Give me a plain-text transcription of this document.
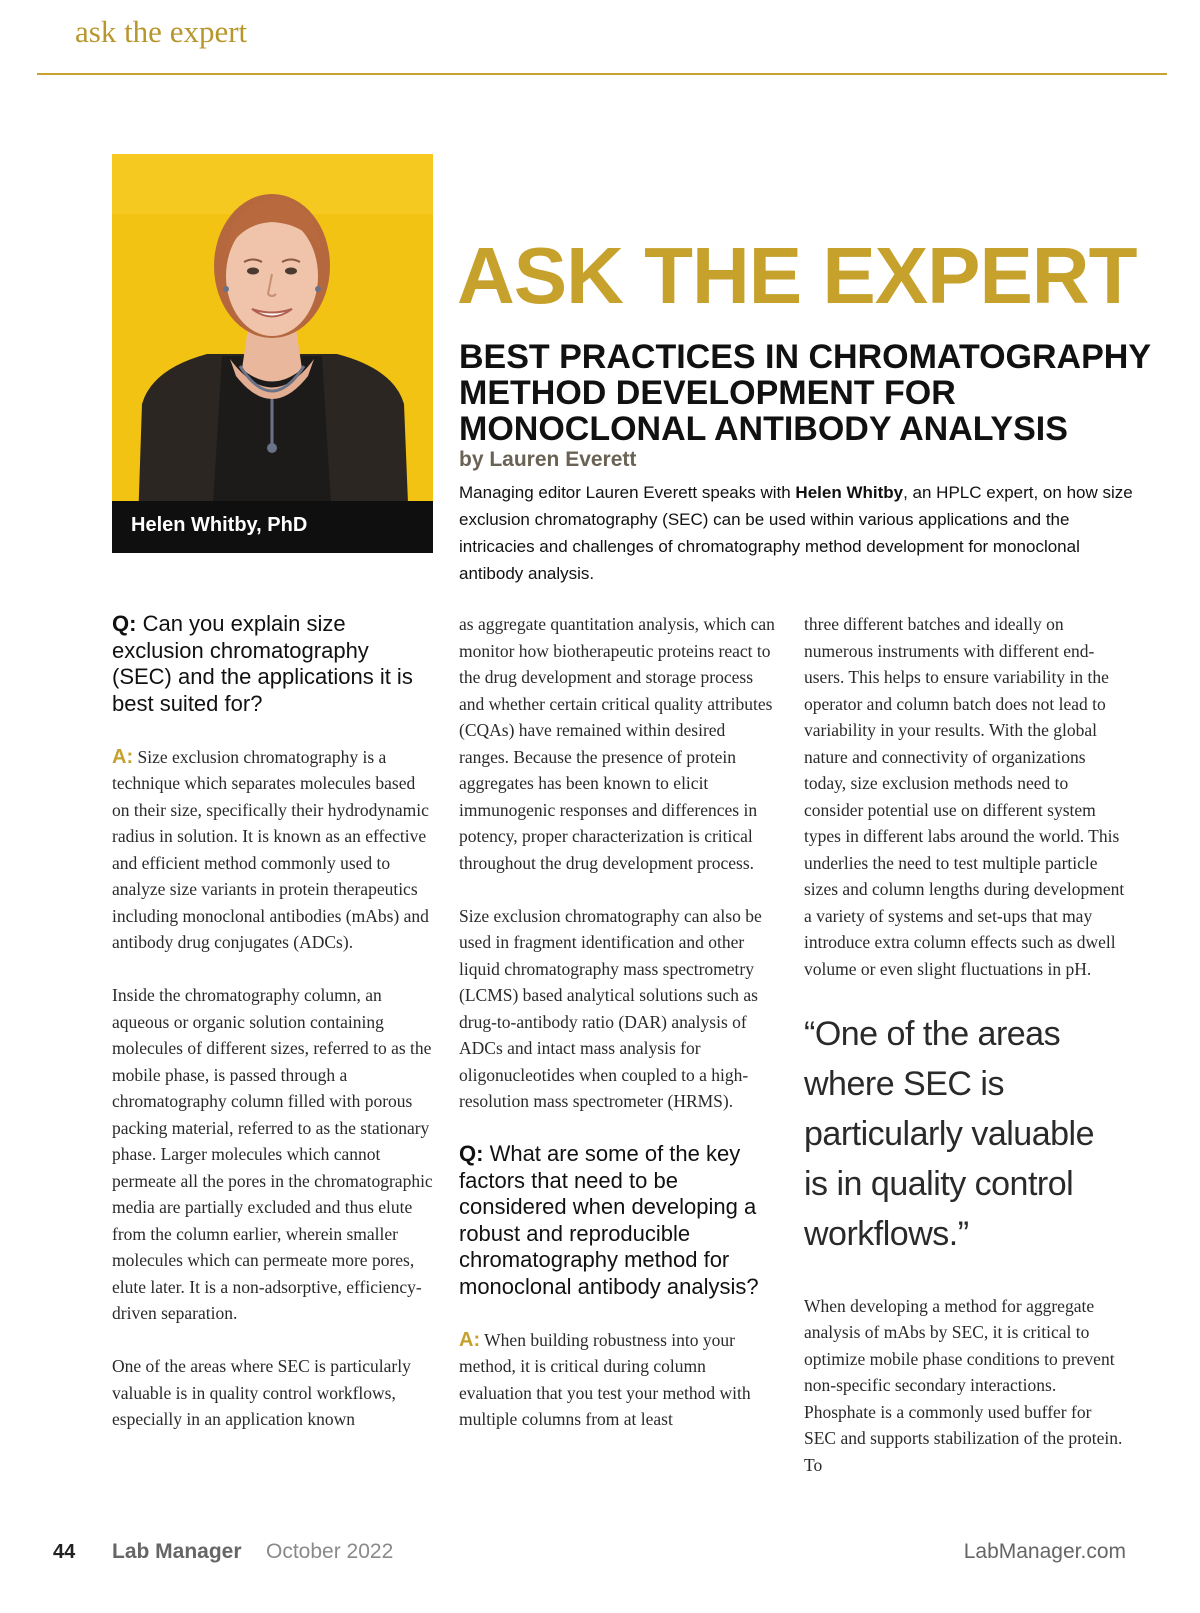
ask the expert
Helen Whitby, PhD
ASK THE EXPERT
BEST PRACTICES IN CHROMATOGRAPHY METHOD DEVELOPMENT FOR MONOCLONAL ANTIBODY ANALYSIS

by Lauren Everett

Managing editor Lauren Everett speaks with Helen Whitby, an HPLC expert, on how size exclusion chromatography (SEC) can be used within various applications and the intricacies and challenges of chromatography method development for monoclonal antibody analysis.

Q: Can you explain size exclusion chromatography (SEC) and the applications it is best suited for?

A: Size exclusion chromatography is a technique which separates molecules based on their size, specifically their hydrodynamic radius in solution. It is known as an effective and efficient method commonly used to analyze size variants in protein therapeutics including monoclonal antibodies (mAbs) and antibody drug conjugates (ADCs).

Inside the chromatography column, an aqueous or organic solution containing molecules of different sizes, referred to as the mobile phase, is passed through a chromatography column filled with porous packing material, referred to as the stationary phase. Larger molecules which cannot permeate all the pores in the chromatographic media are partially excluded and thus elute from the column earlier, wherein smaller molecules which can permeate more pores, elute later. It is a non-adsorptive, efficiency-driven separation.

One of the areas where SEC is particularly valuable is in quality control workflows, especially in an application known

as aggregate quantitation analysis, which can monitor how biotherapeutic proteins react to the drug development and storage process and whether certain critical quality attributes (CQAs) have remained within desired ranges. Because the presence of protein aggregates has been known to elicit immunogenic responses and differences in potency, proper characterization is critical throughout the drug development process.

Size exclusion chromatography can also be used in fragment identification and other liquid chromatography mass spectrometry (LCMS) based analytical solutions such as drug-to-antibody ratio (DAR) analysis of ADCs and intact mass analysis for oligonucleotides when coupled to a high-resolution mass spectrometer (HRMS).

Q: What are some of the key factors that need to be considered when developing a robust and reproducible chromatography method for monoclonal antibody analysis?

A: When building robustness into your method, it is critical during column evaluation that you test your method with multiple columns from at least

three different batches and ideally on numerous instruments with different end-users. This helps to ensure variability in the operator and column batch does not lead to variability in your results. With the global nature and connectivity of organizations today, size exclusion methods need to consider potential use on different system types in different labs around the world. This underlies the need to test multiple particle sizes and column lengths during development a variety of systems and set-ups that may introduce extra column effects such as dwell volume or even slight fluctuations in pH.

“One of the areas where SEC is particularly valuable is in quality control workflows.”

When developing a method for aggregate analysis of mAbs by SEC, it is critical to optimize mobile phase conditions to prevent non-specific secondary interactions. Phosphate is a commonly used buffer for SEC and supports stabilization of the protein. To

44 Lab Manager October 2022	LabManager.com
